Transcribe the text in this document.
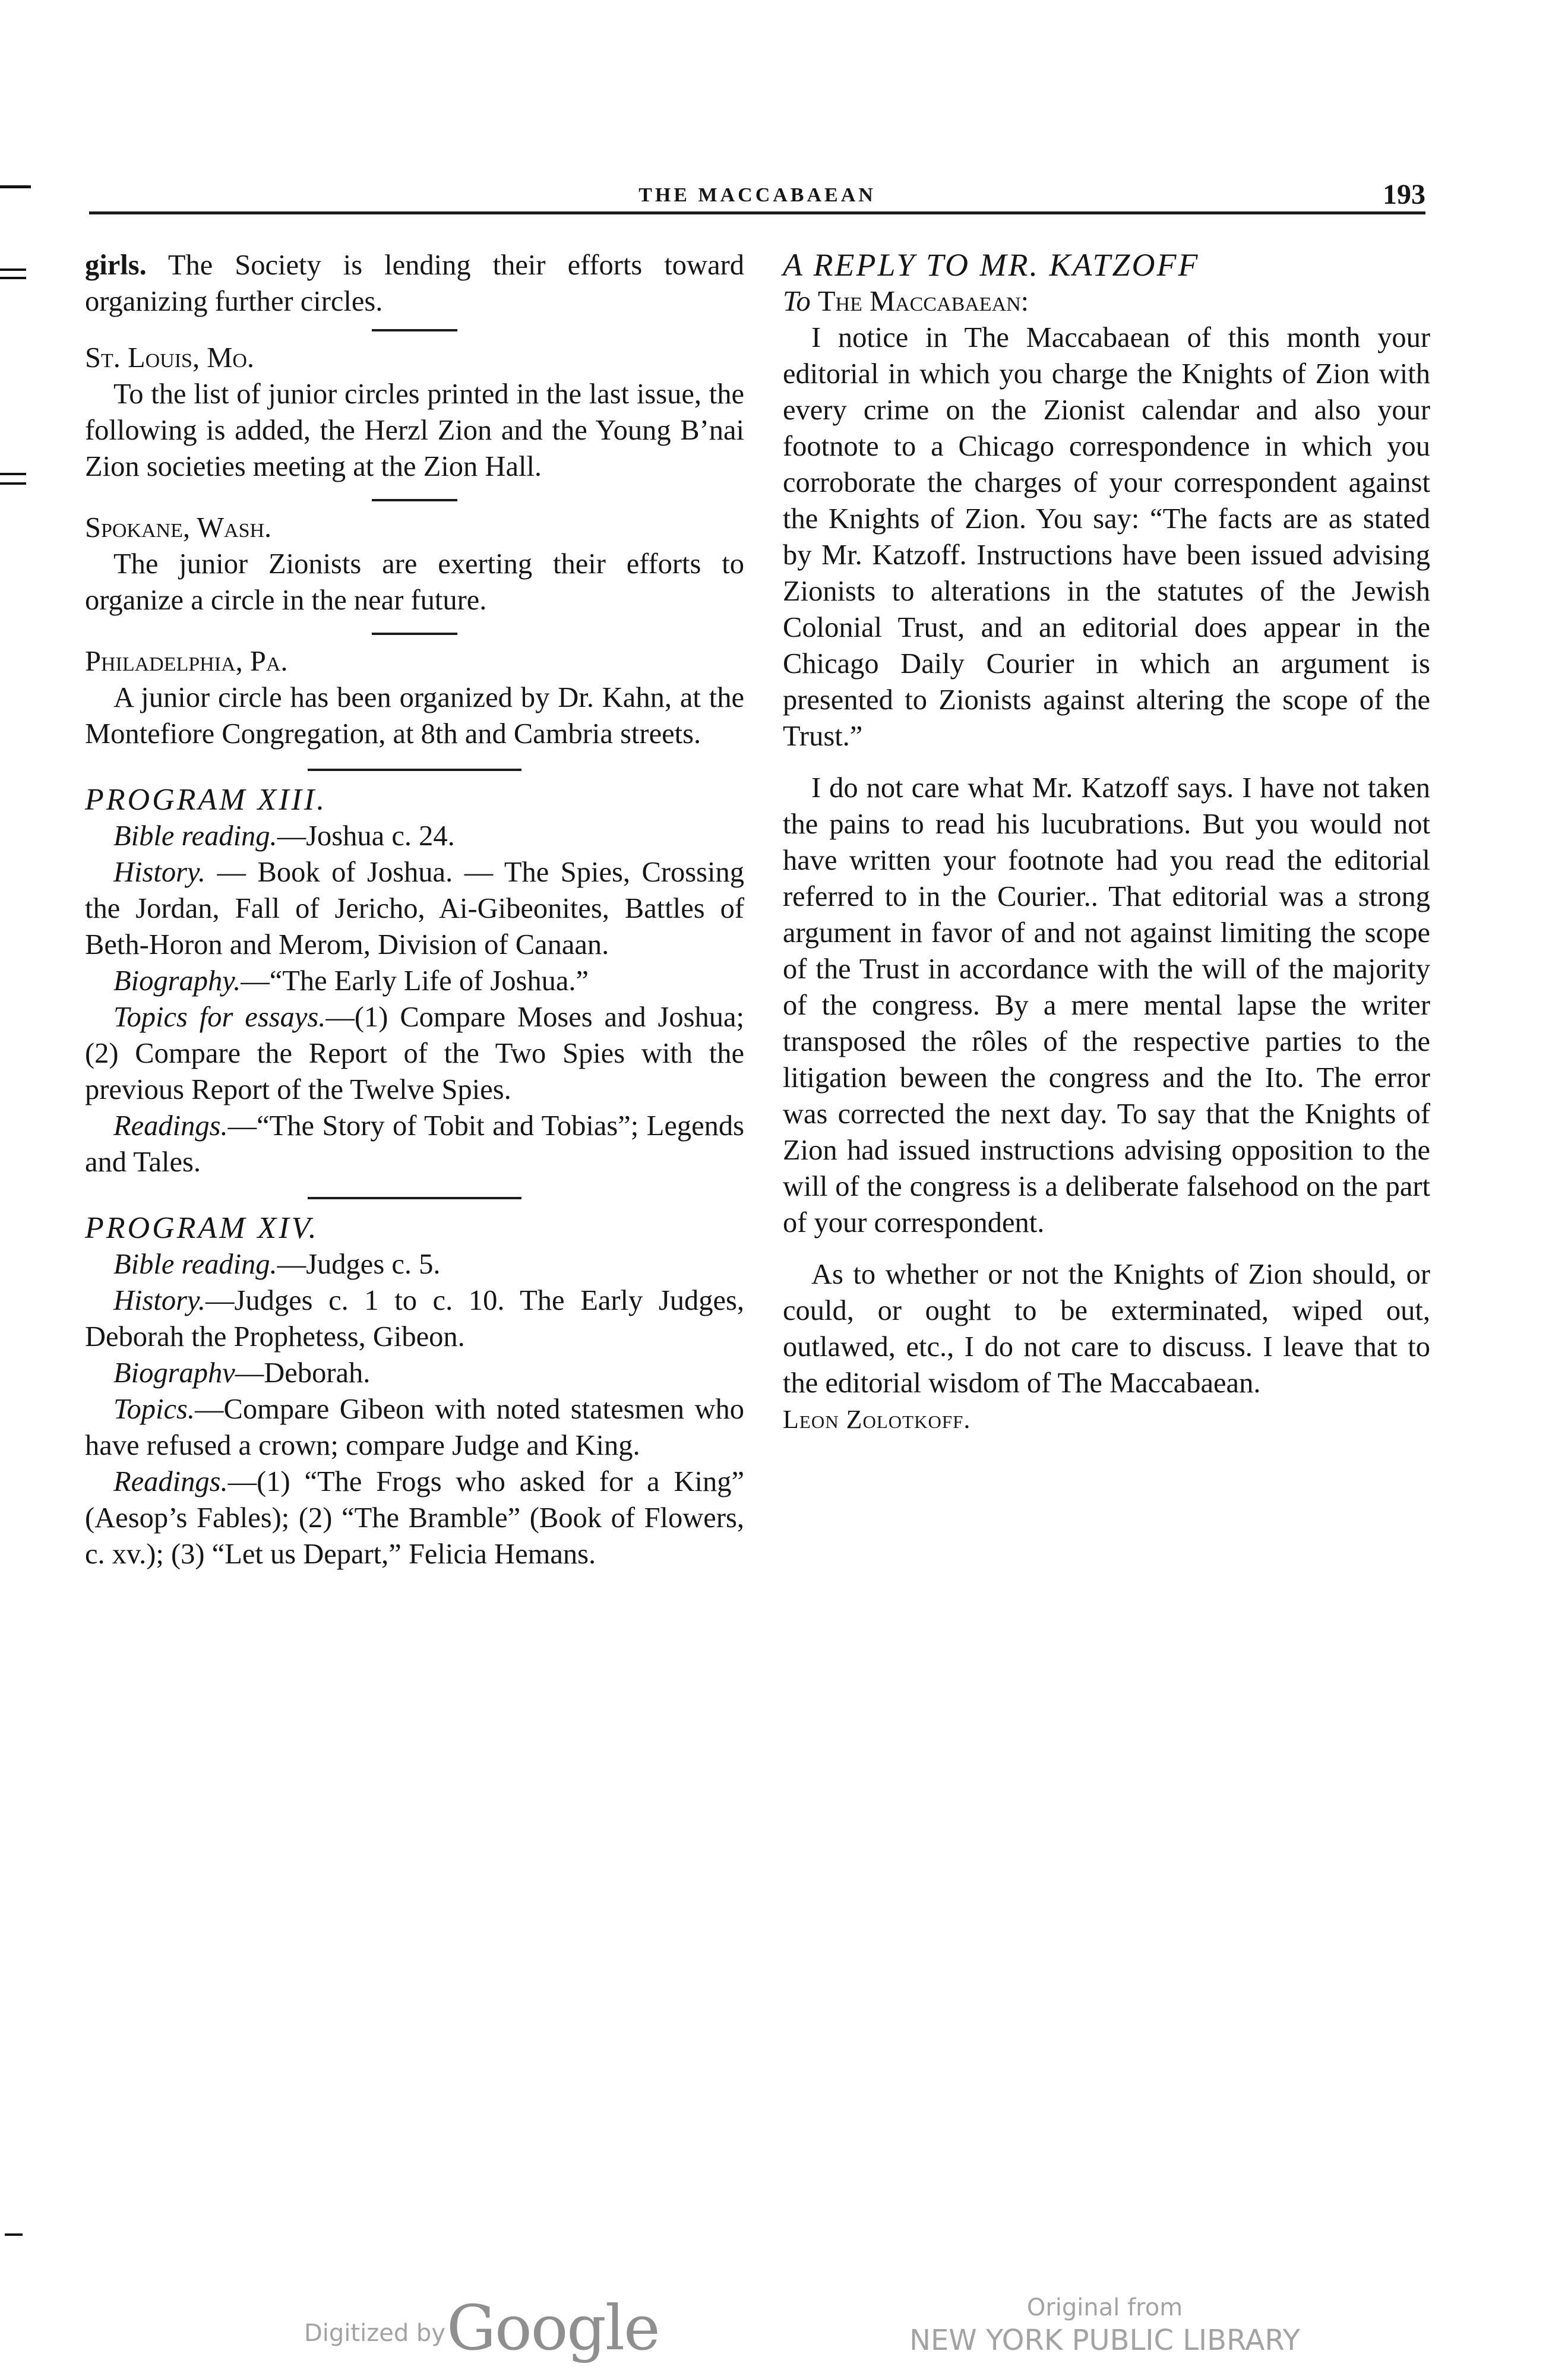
THE MACCABAEAN	193

girls. The Society is lending their efforts toward organizing further circles.

St. Louis, Mo.

To the list of junior circles printed in the last issue, the following is added, the Herzl Zion and the Young B’nai Zion societies meeting at the Zion Hall.

Spokane, Wash.

The junior Zionists are exerting their efforts to organize a circle in the near future.

Philadelphia, Pa.

A junior circle has been organized by Dr. Kahn, at the Montefiore Congregation, at 8th and Cambria streets.

PROGRAM XIII.

Bible reading.—Joshua c. 24.

History. — Book of Joshua. — The Spies, Crossing the Jordan, Fall of Jericho, Ai-Gibeonites, Battles of Beth-Horon and Merom, Division of Canaan.

Biography.—“The Early Life of Joshua.”

Topics for essays.—(1) Compare Moses and Joshua; (2) Compare the Report of the Two Spies with the previous Report of the Twelve Spies.

Readings.—“The Story of Tobit and Tobias”; Legends and Tales.

PROGRAM XIV.

Bible reading.—Judges c. 5.

History.—Judges c. 1 to c. 10. The Early Judges, Deborah the Prophetess, Gibeon.

Biographv—Deborah.

Topics.—Compare Gibeon with noted statesmen who have refused a crown; compare Judge and King.

Readings.—(1) “The Frogs who asked for a King” (Aesop’s Fables); (2) “The Bramble” (Book of Flowers, c. xv.); (3) “Let us Depart,” Felicia Hemans.

A REPLY TO MR. KATZOFF

To The Maccabaean:

I notice in The Maccabaean of this month your editorial in which you charge the Knights of Zion with every crime on the Zionist calendar and also your footnote to a Chicago correspondence in which you corroborate the charges of your correspondent against the Knights of Zion. You say: “The facts are as stated by Mr. Katzoff. Instructions have been issued advising Zionists to alterations in the statutes of the Jewish Colonial Trust, and an editorial does appear in the Chicago Daily Courier in which an argument is presented to Zionists against altering the scope of the Trust.”

I do not care what Mr. Katzoff says. I have not taken the pains to read his lucubrations. But you would not have written your footnote had you read the editorial referred to in the Courier.. That editorial was a strong argument in favor of and not against limiting the scope of the Trust in accordance with the will of the majority of the congress. By a mere mental lapse the writer transposed the rôles of the respective parties to the litigation beween the congress and the Ito. The error was corrected the next day. To say that the Knights of Zion had issued instructions advising opposition to the will of the congress is a deliberate falsehood on the part of your correspondent.

As to whether or not the Knights of Zion should, or could, or ought to be exterminated, wiped out, outlawed, etc., I do not care to discuss. I leave that to the editorial wisdom of The Maccabaean.

Leon Zolotkoff.

Digitized by Google	Original from
NEW YORK PUBLIC LIBRARY
